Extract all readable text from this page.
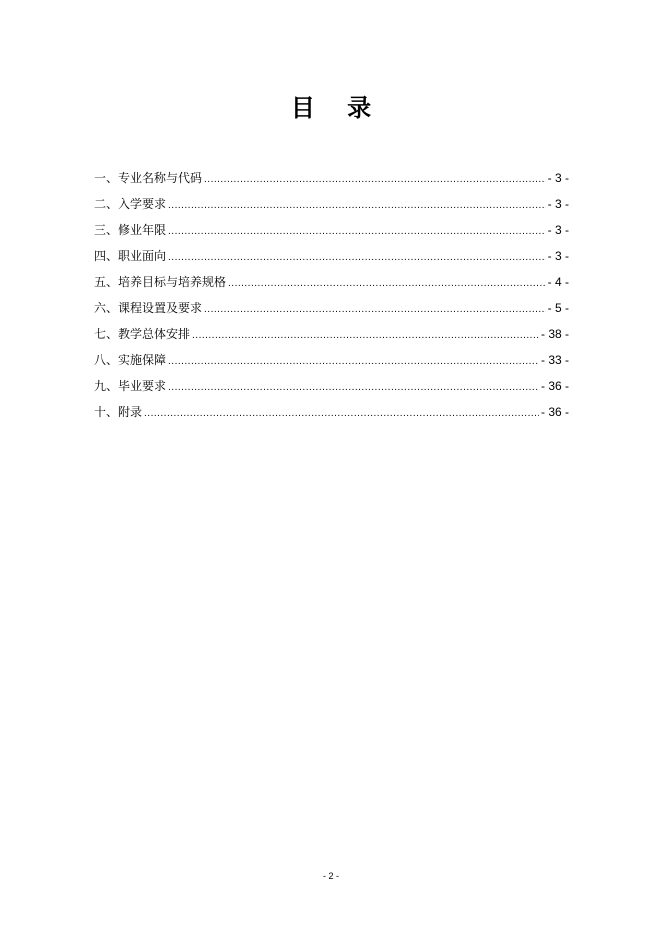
目 录
一、专业名称与代码 .....	- 3 -
二、入学要求 .....	- 3 -
三、修业年限 .....	- 3 -
四、职业面向 .....	- 3 -
五、培养目标与培养规格 .....	- 4 -
六、课程设置及要求 .....	- 5 -
七、教学总体安排 .....	- 38 -
八、实施保障 .....	- 33 -
九、毕业要求 .....	- 36 -
十、附录 .....	- 36 -
- 2 -
